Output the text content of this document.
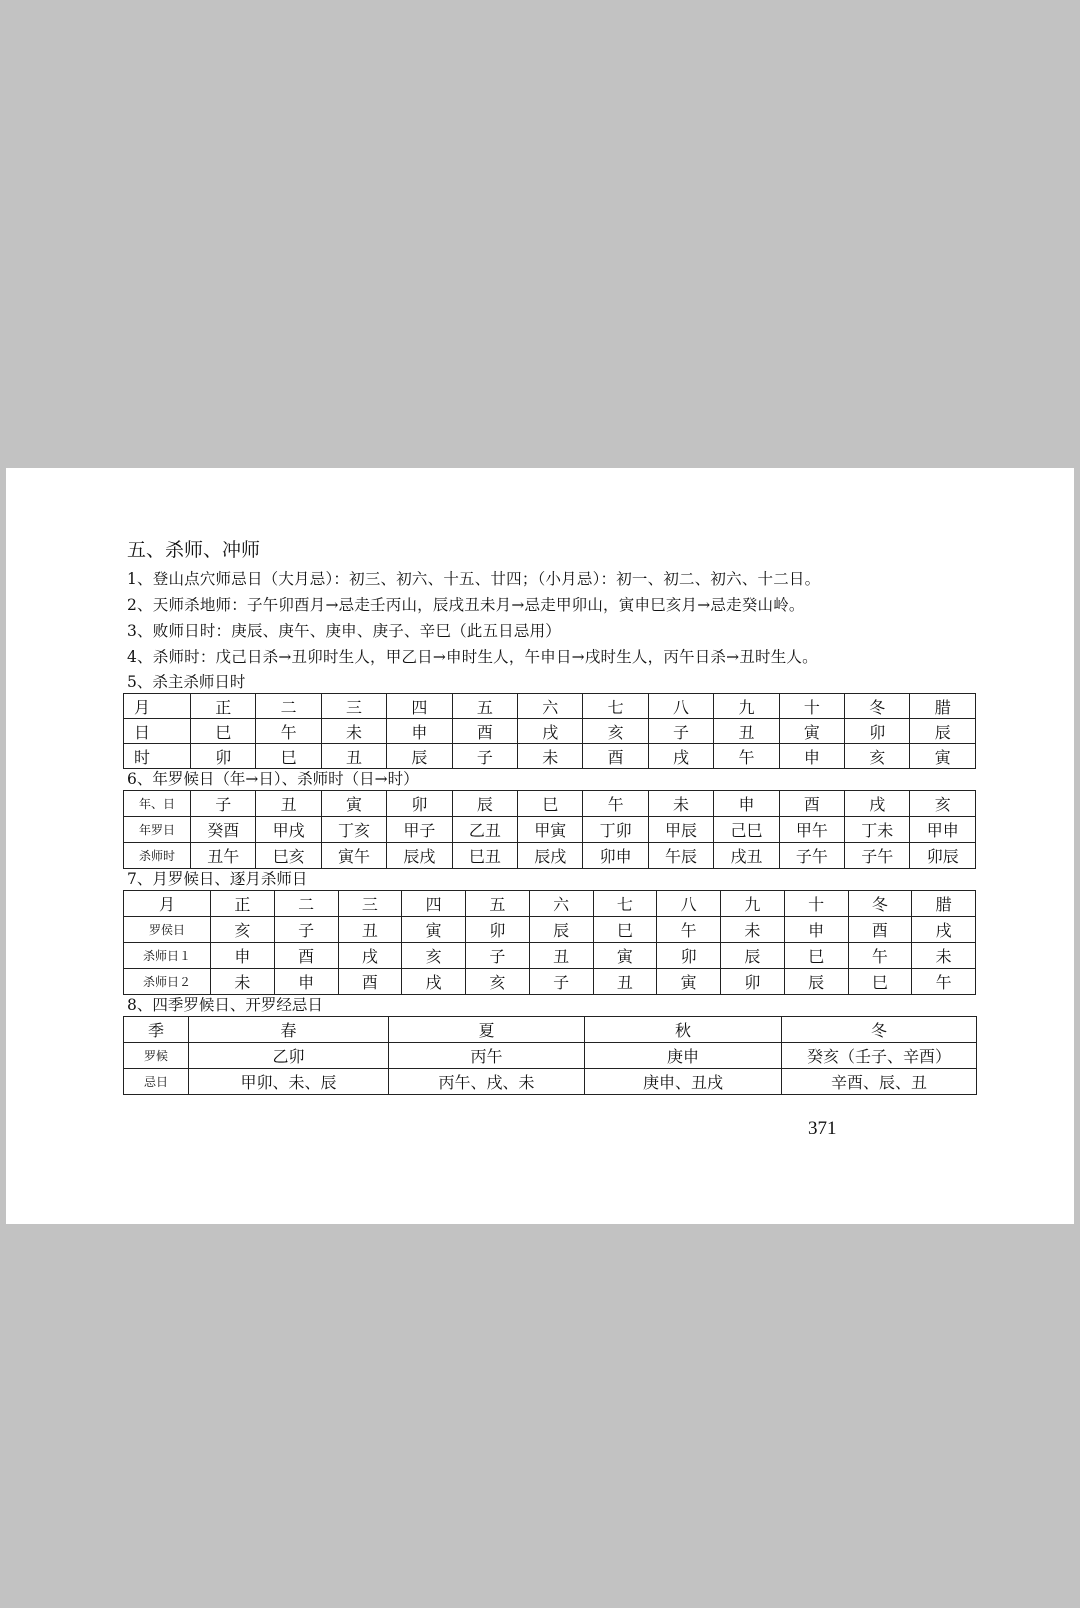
五、杀师、冲师
1、登山点穴师忌日（大月忌）：初三、初六、十五、廿四；（小月忌）：初一、初二、初六、十二日。
2、天师杀地师：子午卯酉月→忌走壬丙山，辰戌丑未月→忌走甲卯山，寅申巳亥月→忌走癸山岭。
3、败师日时：庚辰、庚午、庚申、庚子、辛巳（此五日忌用）
4、杀师时：戊己日杀→丑卯时生人，甲乙日→申时生人，午申日→戌时生人，丙午日杀→丑时生人。
5、杀主杀师日时
月	正	二	三	四	五	六	七	八	九	十	冬	腊
日	巳	午	未	申	酉	戌	亥	子	丑	寅	卯	辰
时	卯	巳	丑	辰	子	未	酉	戌	午	申	亥	寅
6、年罗候日（年→日）、杀师时（日→时）
年、日	子	丑	寅	卯	辰	巳	午	未	申	酉	戌	亥
年罗日	癸酉	甲戌	丁亥	甲子	乙丑	甲寅	丁卯	甲辰	己巳	甲午	丁未	甲申
杀师时	丑午	巳亥	寅午	辰戌	巳丑	辰戌	卯申	午辰	戌丑	子午	子午	卯辰
7、月罗候日、逐月杀师日
月	正	二	三	四	五	六	七	八	九	十	冬	腊
罗侯日	亥	子	丑	寅	卯	辰	巳	午	未	申	酉	戌
杀师日１	申	酉	戌	亥	子	丑	寅	卯	辰	巳	午	未
杀师日２	未	申	酉	戌	亥	子	丑	寅	卯	辰	巳	午
8、四季罗候日、开罗经忌日
季	春	夏	秋	冬
罗候	乙卯	丙午	庚申	癸亥（壬子、辛酉）
忌日	甲卯、未、辰	丙午、戌、未	庚申、丑戌	辛酉、辰、丑
371
